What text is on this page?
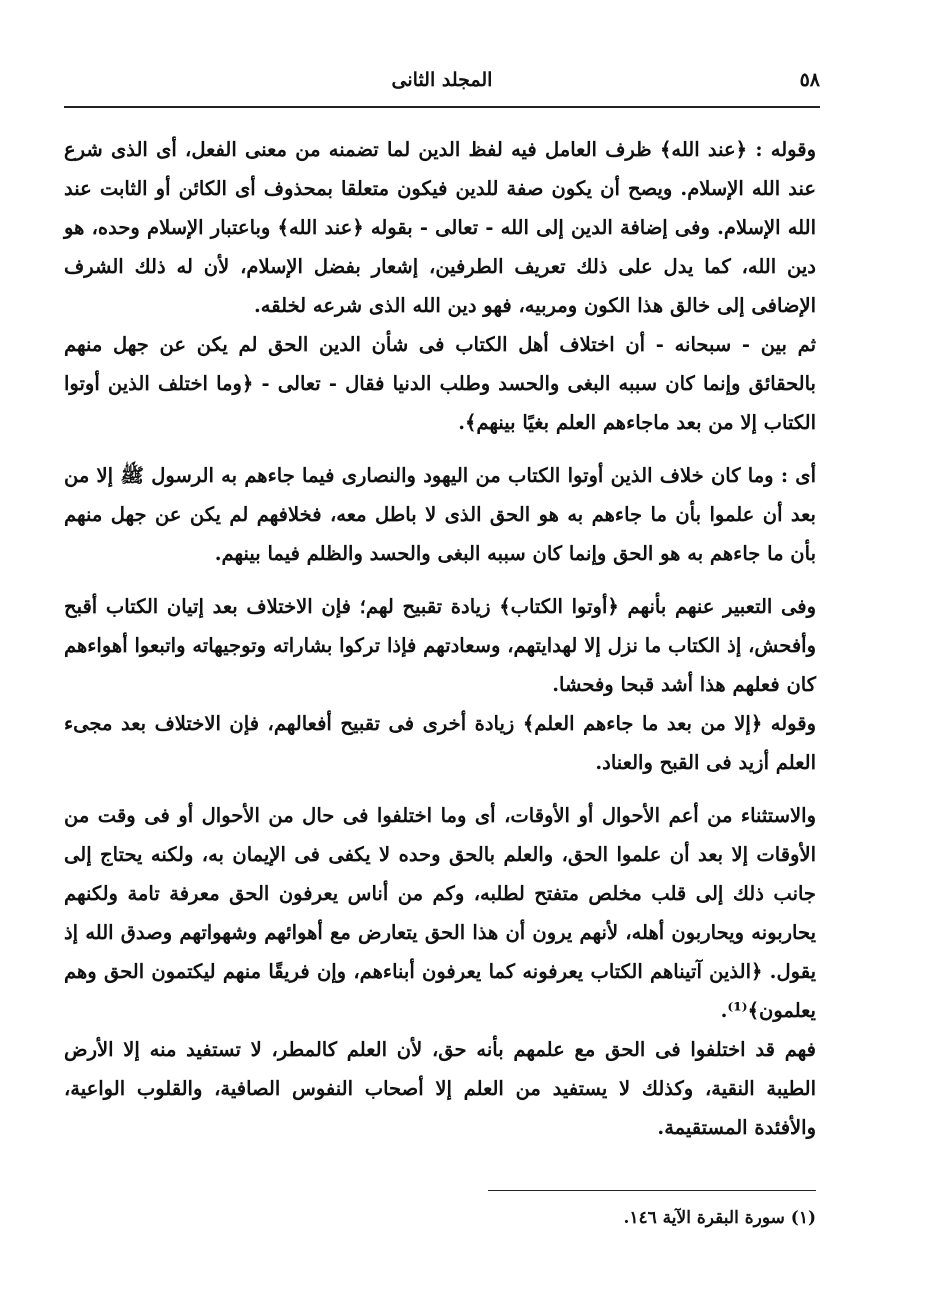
٥٨
المجلد الثانى

وقوله : ﴿عند الله﴾ ظرف العامل فيه لفظ الدين لما تضمنه من معنى الفعل، أى الذى شرع عند الله الإسلام. ويصح أن يكون صفة للدين فيكون متعلقا بمحذوف أى الكائن أو الثابت عند الله الإسلام. وفى إضافة الدين إلى الله - تعالى - بقوله ﴿عند الله﴾ وباعتبار الإسلام وحده، هو دين الله، كما يدل على ذلك تعريف الطرفين، إشعار بفضل الإسلام، لأن له ذلك الشرف الإضافى إلى خالق هذا الكون ومربيه، فهو دين الله الذى شرعه لخلقه.

ثم بين - سبحانه - أن اختلاف أهل الكتاب فى شأن الدين الحق لم يكن عن جهل منهم بالحقائق وإنما كان سببه البغى والحسد وطلب الدنيا فقال - تعالى - ﴿وما اختلف الذين أوتوا الكتاب إلا من بعد ماجاءهم العلم بغيًا بينهم﴾.

أى : وما كان خلاف الذين أوتوا الكتاب من اليهود والنصارى فيما جاءهم به الرسول ﷺ إلا من بعد أن علموا بأن ما جاءهم به هو الحق الذى لا باطل معه، فخلافهم لم يكن عن جهل منهم بأن ما جاءهم به هو الحق وإنما كان سببه البغى والحسد والظلم فيما بينهم.

وفى التعبير عنهم بأنهم ﴿أوتوا الكتاب﴾ زيادة تقبيح لهم؛ فإن الاختلاف بعد إتيان الكتاب أقبح وأفحش، إذ الكتاب ما نزل إلا لهدايتهم، وسعادتهم فإذا تركوا بشاراته وتوجيهاته واتبعوا أهواءهم كان فعلهم هذا أشد قبحا وفحشا.

وقوله ﴿إلا من بعد ما جاءهم العلم﴾ زيادة أخرى فى تقبيح أفعالهم، فإن الاختلاف بعد مجىء العلم أزيد فى القبح والعناد.

والاستثناء من أعم الأحوال أو الأوقات، أى وما اختلفوا فى حال من الأحوال أو فى وقت من الأوقات إلا بعد أن علموا الحق، والعلم بالحق وحده لا يكفى فى الإيمان به، ولكنه يحتاج إلى جانب ذلك إلى قلب مخلص متفتح لطلبه، وكم من أناس يعرفون الحق معرفة تامة ولكنهم يحاربونه ويحاربون أهله، لأنهم يرون أن هذا الحق يتعارض مع أهوائهم وشهواتهم وصدق الله إذ يقول. ﴿الذين آتيناهم الكتاب يعرفونه كما يعرفون أبناءهم، وإن فريقًا منهم ليكتمون الحق وهم يعلمون﴾⁽¹⁾.

فهم قد اختلفوا فى الحق مع علمهم بأنه حق، لأن العلم كالمطر، لا تستفيد منه إلا الأرض الطيبة النقية، وكذلك لا يستفيد من العلم إلا أصحاب النفوس الصافية، والقلوب الواعية، والأفئدة المستقيمة.

(١) سورة البقرة الآية ١٤٦.
